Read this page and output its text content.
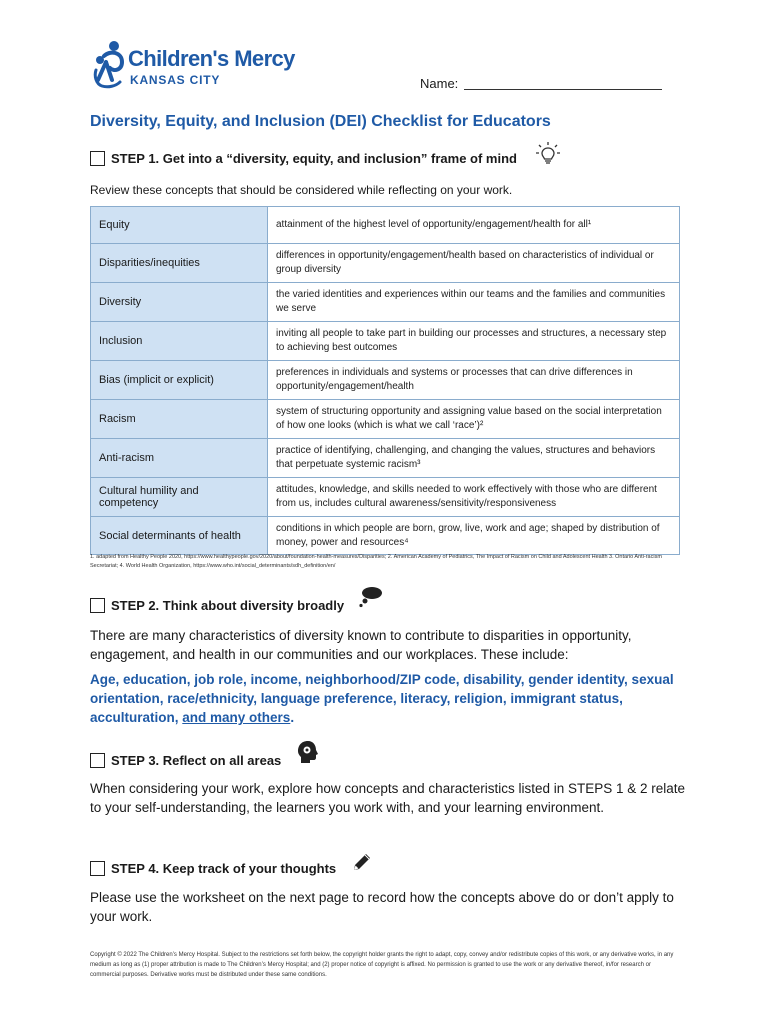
Children's Mercy
KANSAS CITY	Name:
Diversity, Equity, and Inclusion (DEI) Checklist for Educators
STEP 1. Get into a “diversity, equity, and inclusion” frame of mind
Review these concepts that should be considered while reflecting on your work.
Equity	attainment of the highest level of opportunity/engagement/health for all¹
Disparities/inequities	differences in opportunity/engagement/health based on characteristics of individual or group diversity
Diversity	the varied identities and experiences within our teams and the families and communities we serve
Inclusion	inviting all people to take part in building our processes and structures, a necessary step to achieving best outcomes
Bias (implicit or explicit)	preferences in individuals and systems or processes that can drive differences in opportunity/engagement/health
Racism	system of structuring opportunity and assigning value based on the social interpretation of how one looks (which is what we call ‘race’)²
Anti-racism	practice of identifying, challenging, and changing the values, structures and behaviors that perpetuate systemic racism³
Cultural humility and competency	attitudes, knowledge, and skills needed to work effectively with those who are different from us, includes cultural awareness/sensitivity/responsiveness
Social determinants of health	conditions in which people are born, grow, live, work and age; shaped by distribution of money, power and resources⁴
1. adapted from Healthy People 2020, https://www.healthypeople.gov/2020/about/foundation-health-measures/Disparities; 2. American Academy of Pediatrics, The Impact of Racism on Child and Adolescent Health 3. Ontario Anti-racism Secretariat; 4. World Health Organization, https://www.who.int/social_determinants/sdh_definition/en/
STEP 2. Think about diversity broadly
There are many characteristics of diversity known to contribute to disparities in opportunity, engagement, and health in our communities and our workplaces. These include:
Age, education, job role, income, neighborhood/ZIP code, disability, gender identity, sexual orientation, race/ethnicity, language preference, literacy, religion, immigrant status, acculturation, and many others.
STEP 3. Reflect on all areas
When considering your work, explore how concepts and characteristics listed in STEPS 1 & 2 relate to your self-understanding, the learners you work with, and your learning environment.
STEP 4. Keep track of your thoughts
Please use the worksheet on the next page to record how the concepts above do or don’t apply to your work.
Copyright © 2022 The Children’s Mercy Hospital. Subject to the restrictions set forth below, the copyright holder grants the right to adapt, copy, convey and/or redistribute copies of this work, or any derivative works, in any medium as long as (1) proper attribution is made to The Children’s Mercy Hospital; and (2) proper notice of copyright is affixed. No permission is granted to use the work or any derivative thereof, in/for research or commercial purposes. Derivative works must be distributed under these same conditions.
